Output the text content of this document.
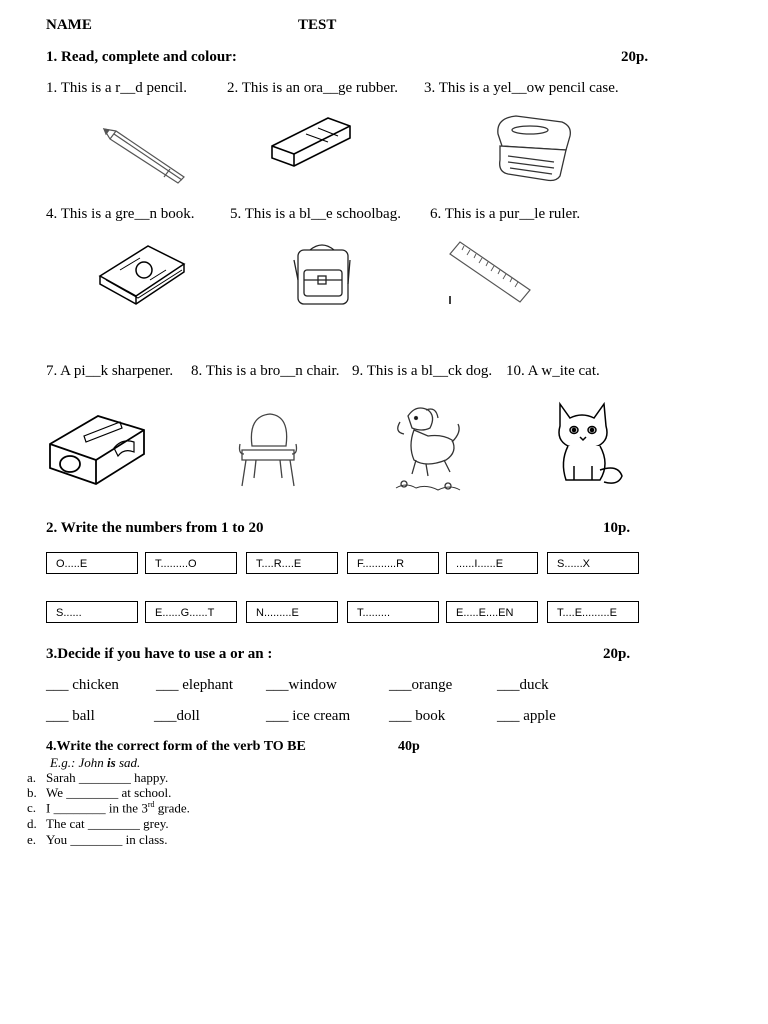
NAME	TEST
1. Read, complete and colour:	20p.
1. This is a r__d pencil.	2. This is an ora__ge rubber. 3. This is a yel__ow pencil case.
4. This is a gre__n book. 5. This is a bl__e schoolbag. 6. This is a pur__le ruler.
7. A pi__k sharpener. 8. This is a bro__n chair. 9. This is a bl__ck dog. 10. A w_ite cat.
2. Write the numbers from 1 to 20	10p.
O.....E	T.........O	T....R....E	F...........R	......I......E	S......X
S......	E......G......T	N.........E	T.........	E.....E....EN	T....E.........E
3.Decide if you have to use a or an :	20p.
___ chicken ___ elephant ___window	___orange	___duck
___ ball	___doll	___ ice cream	___ book	___ apple
4.Write the correct form of the verb TO BE	40p
E.g.: John is sad.
a. Sarah ________ happy.
b. We ________ at school.
c. I ________ in the 3rd grade.
d. The cat ________ grey.
e. You ________ in class.
